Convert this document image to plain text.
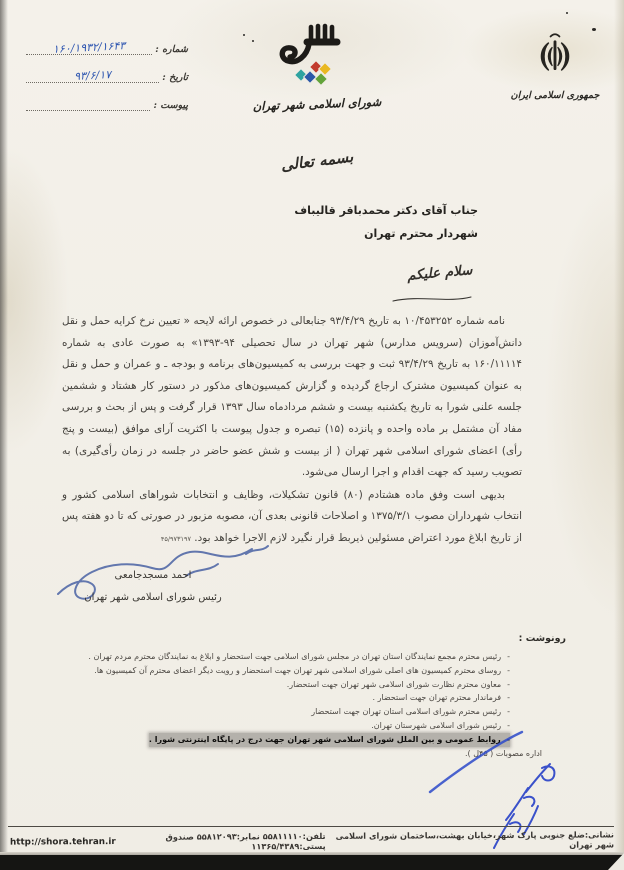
شماره :
۱۶۰/۱۹۳۲/۱۶۴۳
تاریخ :
۹۳/۶/۱۷
پیوست :	شورای اسلامی شهر تهران	جمهوری اسلامی ایران
بسمه تعالی
جناب آقای دکتر محمدباقر قالیباف
شهردار محترم تهران
سلام علیکم

نامه شماره ۱۰/۴۵۳۲۵۲ به تاریخ ۹۳/۴/۲۹ جنابعالی در خصوص ارائه لایحه « تعیین نرخ کرایه حمل و نقل دانش‌آموزان (سرویس مدارس) شهر تهران در سال تحصیلی ۹۴-۱۳۹۳» به صورت عادی به شماره ۱۶۰/۱۱۱۱۴ به تاریخ ۹۳/۴/۲۹ ثبت و جهت بررسی به کمیسیون‌های برنامه و بودجه ـ و عمران و حمل و نقل به عنوان کمیسیون مشترک ارجاع گردیده و گزارش کمیسیون‌های مذکور در دستور کار هشتاد و ششمین جلسه علنی شورا به تاریخ یکشنبه بیست و ششم مردادماه سال ۱۳۹۳ قرار گرفت و پس از بحث و بررسی مفاد آن مشتمل بر ماده واحده و پانزده (۱۵) تبصره و جدول پیوست با اکثریت آرای موافق (بیست و پنج رأی) اعضای شورای اسلامی شهر تهران ( از بیست و شش عضو حاضر در جلسه در زمان رأی‌گیری) به تصویب رسید که جهت اقدام و اجرا ارسال می‌شود.

بدیهی است وفق ماده هشتادم (۸۰) قانون تشکیلات، وظایف و انتخابات شوراهای اسلامی کشور و انتخاب شهرداران مصوب ۱۳۷۵/۳/۱ و اصلاحات قانونی بعدی آن، مصوبه مزبور در صورتی که تا دو هفته پس از تاریخ ابلاغ مورد اعتراض مسئولین ذیربط قرار نگیرد لازم الاجرا خواهد بود. ۴۵/۹۷۳۱۹۷

احمد مسجدجامعی
رئیس شورای اسلامی شهر تهران
رونوشت :
-رئیس محترم مجمع نمایندگان استان تهران در مجلس شورای اسلامی جهت استحضار و ابلاغ به نمایندگان محترم مردم تهران .
-روسای محترم کمیسیون های اصلی شورای اسلامی شهر تهران جهت استحضار و رویت دیگر اعضای محترم آن کمیسیون ها.
-معاون محترم نظارت شورای اسلامی شهر تهران جهت استحضار.
-فرماندار محترم تهران جهت استحضار .
-رئیس محترم شورای اسلامی استان تهران جهت استحضار
-رئیس شورای اسلامی شهرستان تهران.
-روابط عمومی و بین الملل شورای اسلامی شهر تهران جهت درج در پایگاه اینترنتی شورا .
اداره مصوبات ( ۴۵ل ).
نشانی:ضلع جنوبی پارک شهر،خیابان بهشت،ساختمان شورای اسلامی شهر تهران
تلفن:۵۵۸۱۱۱۱۰ نمابر:۵۵۸۱۲۰۹۳ صندوق پستی:۱۱۳۶۵/۴۳۸۹
http://shora.tehran.ir
